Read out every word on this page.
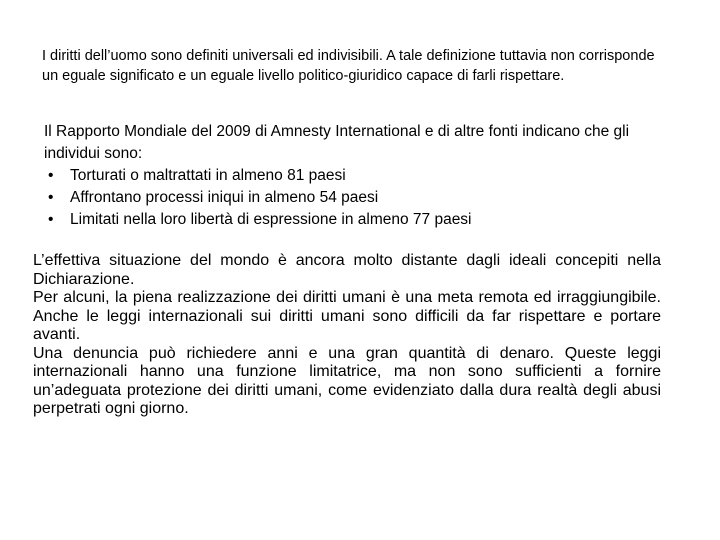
I diritti dell’uomo sono definiti universali ed indivisibili. A tale definizione tuttavia non corrisponde un eguale significato e un eguale livello politico-giuridico capace di farli rispettare.

Il Rapporto Mondiale del 2009 di Amnesty International e di altre fonti indicano che gli individui sono:

•	Torturati o maltrattati in almeno 81 paesi
•	Affrontano processi iniqui in almeno 54 paesi
•	Limitati nella loro libertà di espressione in almeno 77 paesi

L’effettiva situazione del mondo è ancora molto distante dagli ideali concepiti nella Dichiarazione.

Per alcuni, la piena realizzazione dei diritti umani è una meta remota ed irraggiungibile. Anche le leggi internazionali sui diritti umani sono difficili da far rispettare e portare avanti.

Una denuncia può richiedere anni e una gran quantità di denaro. Queste leggi internazionali hanno una funzione limitatrice, ma non sono sufficienti a fornire un’adeguata protezione dei diritti umani, come evidenziato dalla dura realtà degli abusi perpetrati ogni giorno.
